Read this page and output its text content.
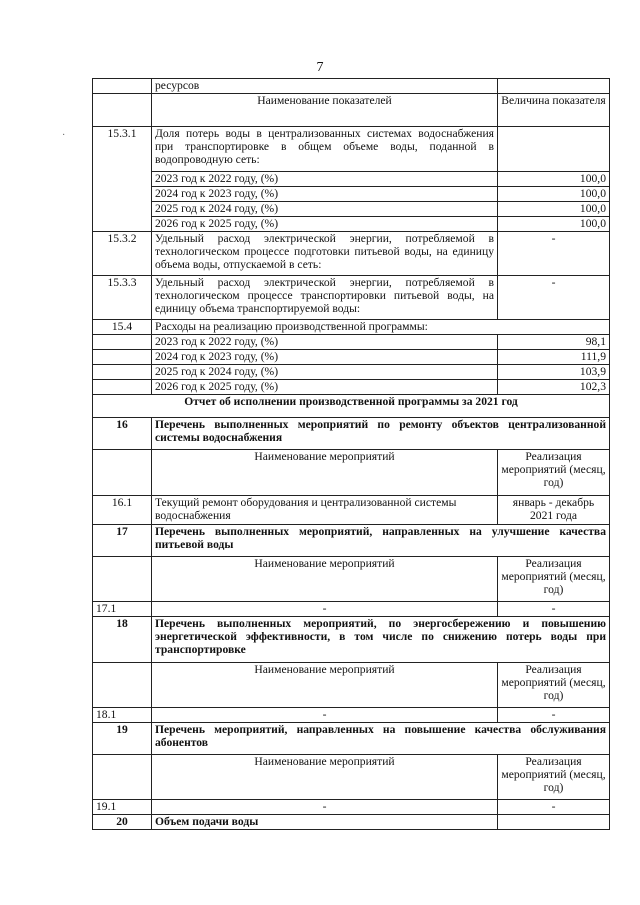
7
·
	ресурсов	
	Наименование показателей	Величина показателя
15.3.1	Доля потерь воды в централизованных системах водоснабжения при транспортировке в общем объеме воды, поданной в водопроводную сеть:	
	2023 год к 2022 году, (%)	100,0
	2024 год к 2023 году, (%)	100,0
	2025 год к 2024 году, (%)	100,0
	2026 год к 2025 году, (%)	100,0
15.3.2	Удельный расход электрической энергии, потребляемой в технологическом процессе подготовки питьевой воды, на единицу объема воды, отпускаемой в сеть:	-
15.3.3	Удельный расход электрической энергии, потребляемой в технологическом процессе транспортировки питьевой воды, на единицу объема транспортируемой воды:	-
15.4	Расходы на реализацию производственной программы:	
	2023 год к 2022 году, (%)	98,1
	2024 год к 2023 году, (%)	111,9
	2025 год к 2024 году, (%)	103,9
	2026 год к 2025 году, (%)	102,3
Отчет об исполнении производственной программы за 2021 год		
16	Перечень выполненных мероприятий по ремонту объектов централизованной системы водоснабжения	
	Наименование мероприятий	Реализация мероприятий (месяц, год)
16.1	Текущий ремонт оборудования и централизованной системы водоснабжения	январь - декабрь 2021 года
17	Перечень выполненных мероприятий, направленных на улучшение качества питьевой воды	
	Наименование мероприятий	Реализация мероприятий (месяц, год)
17.1	-	-
18	Перечень выполненных мероприятий, по энергосбережению и повышению энергетической эффективности, в том числе по снижению потерь воды при транспортировке	
	Наименование мероприятий	Реализация мероприятий (месяц, год)
18.1	-	-
19	Перечень мероприятий, направленных на повышение качества обслуживания абонентов	
	Наименование мероприятий	Реализация мероприятий (месяц, год)
19.1	-	-
20	Объем подачи воды	
